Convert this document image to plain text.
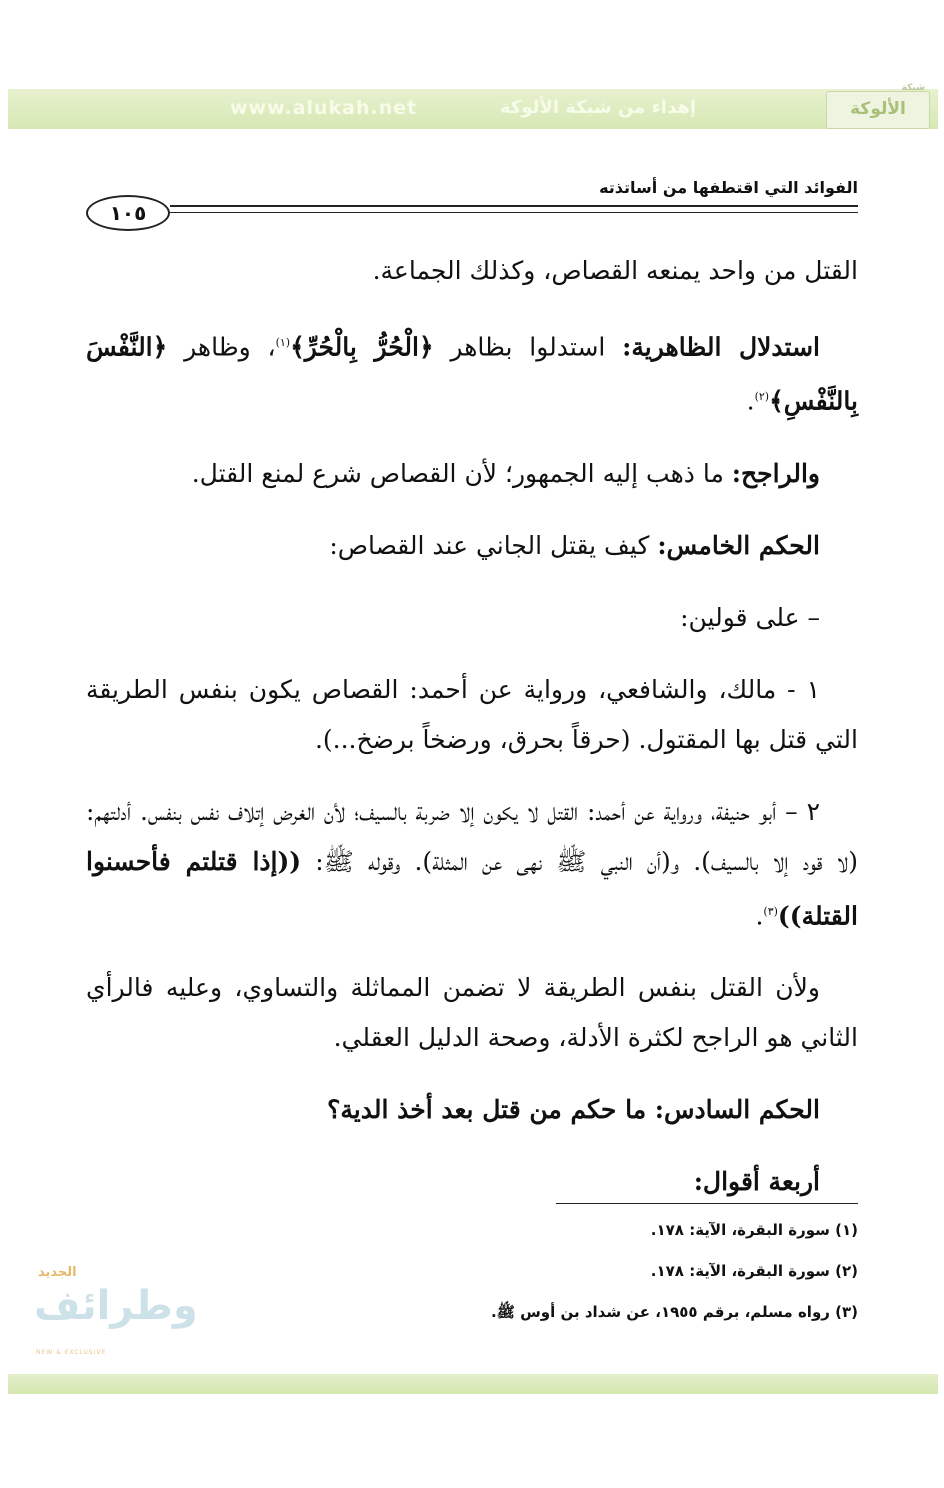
www.alukah.net	إهداء من شبكة الألوكة
شبكة
الألوكة
الفوائد التي اقتطفها من أساتذته
١٠٥

القتل من واحد يمنعه القصاص، وكذلك الجماعة.

استدلال الظاهرية: استدلوا بظاهر ﴿الْحُرُّ بِالْحُرِّ﴾$^{(١)}$، وظاهر ﴿النَّفْسَ بِالنَّفْسِ﴾$^{(٢)}$.

والراجح: ما ذهب إليه الجمهور؛ لأن القصاص شرع لمنع القتل.

الحكم الخامس: كيف يقتل الجاني عند القصاص:

– على قولين:

١ - مالك، والشافعي، ورواية عن أحمد: القصاص يكون بنفس الطريقة التي قتل بها المقتول. (حرقاً بحرق، ورضخاً برضخ...).

٢ – أبو حنيفة، ورواية عن أحمد: القتل لا يكون إلا ضربة بالسيف؛ لأن الغرض إتلاف نفس بنفس. أدلتهم: (لا قود إلا بالسيف). و(أن النبي ﷺ نهى عن المثلة). وقوله ﷺ: ((إذا قتلتم فأحسنوا القتلة))$^{(٣)}$.

ولأن القتل بنفس الطريقة لا تضمن المماثلة والتساوي، وعليه فالرأي الثاني هو الراجح لكثرة الأدلة، وصحة الدليل العقلي.

الحكم السادس: ما حكم من قتل بعد أخذ الدية؟

أربعة أقوال:

(١) سورة البقرة، الآية: ١٧٨.

(٢) سورة البقرة، الآية: ١٧٨.

(٣) رواه مسلم، برقم ١٩٥٥، عن شداد بن أوس ﷺ.

الجديد
وطرائف
NEW & EXCLUSIVE
